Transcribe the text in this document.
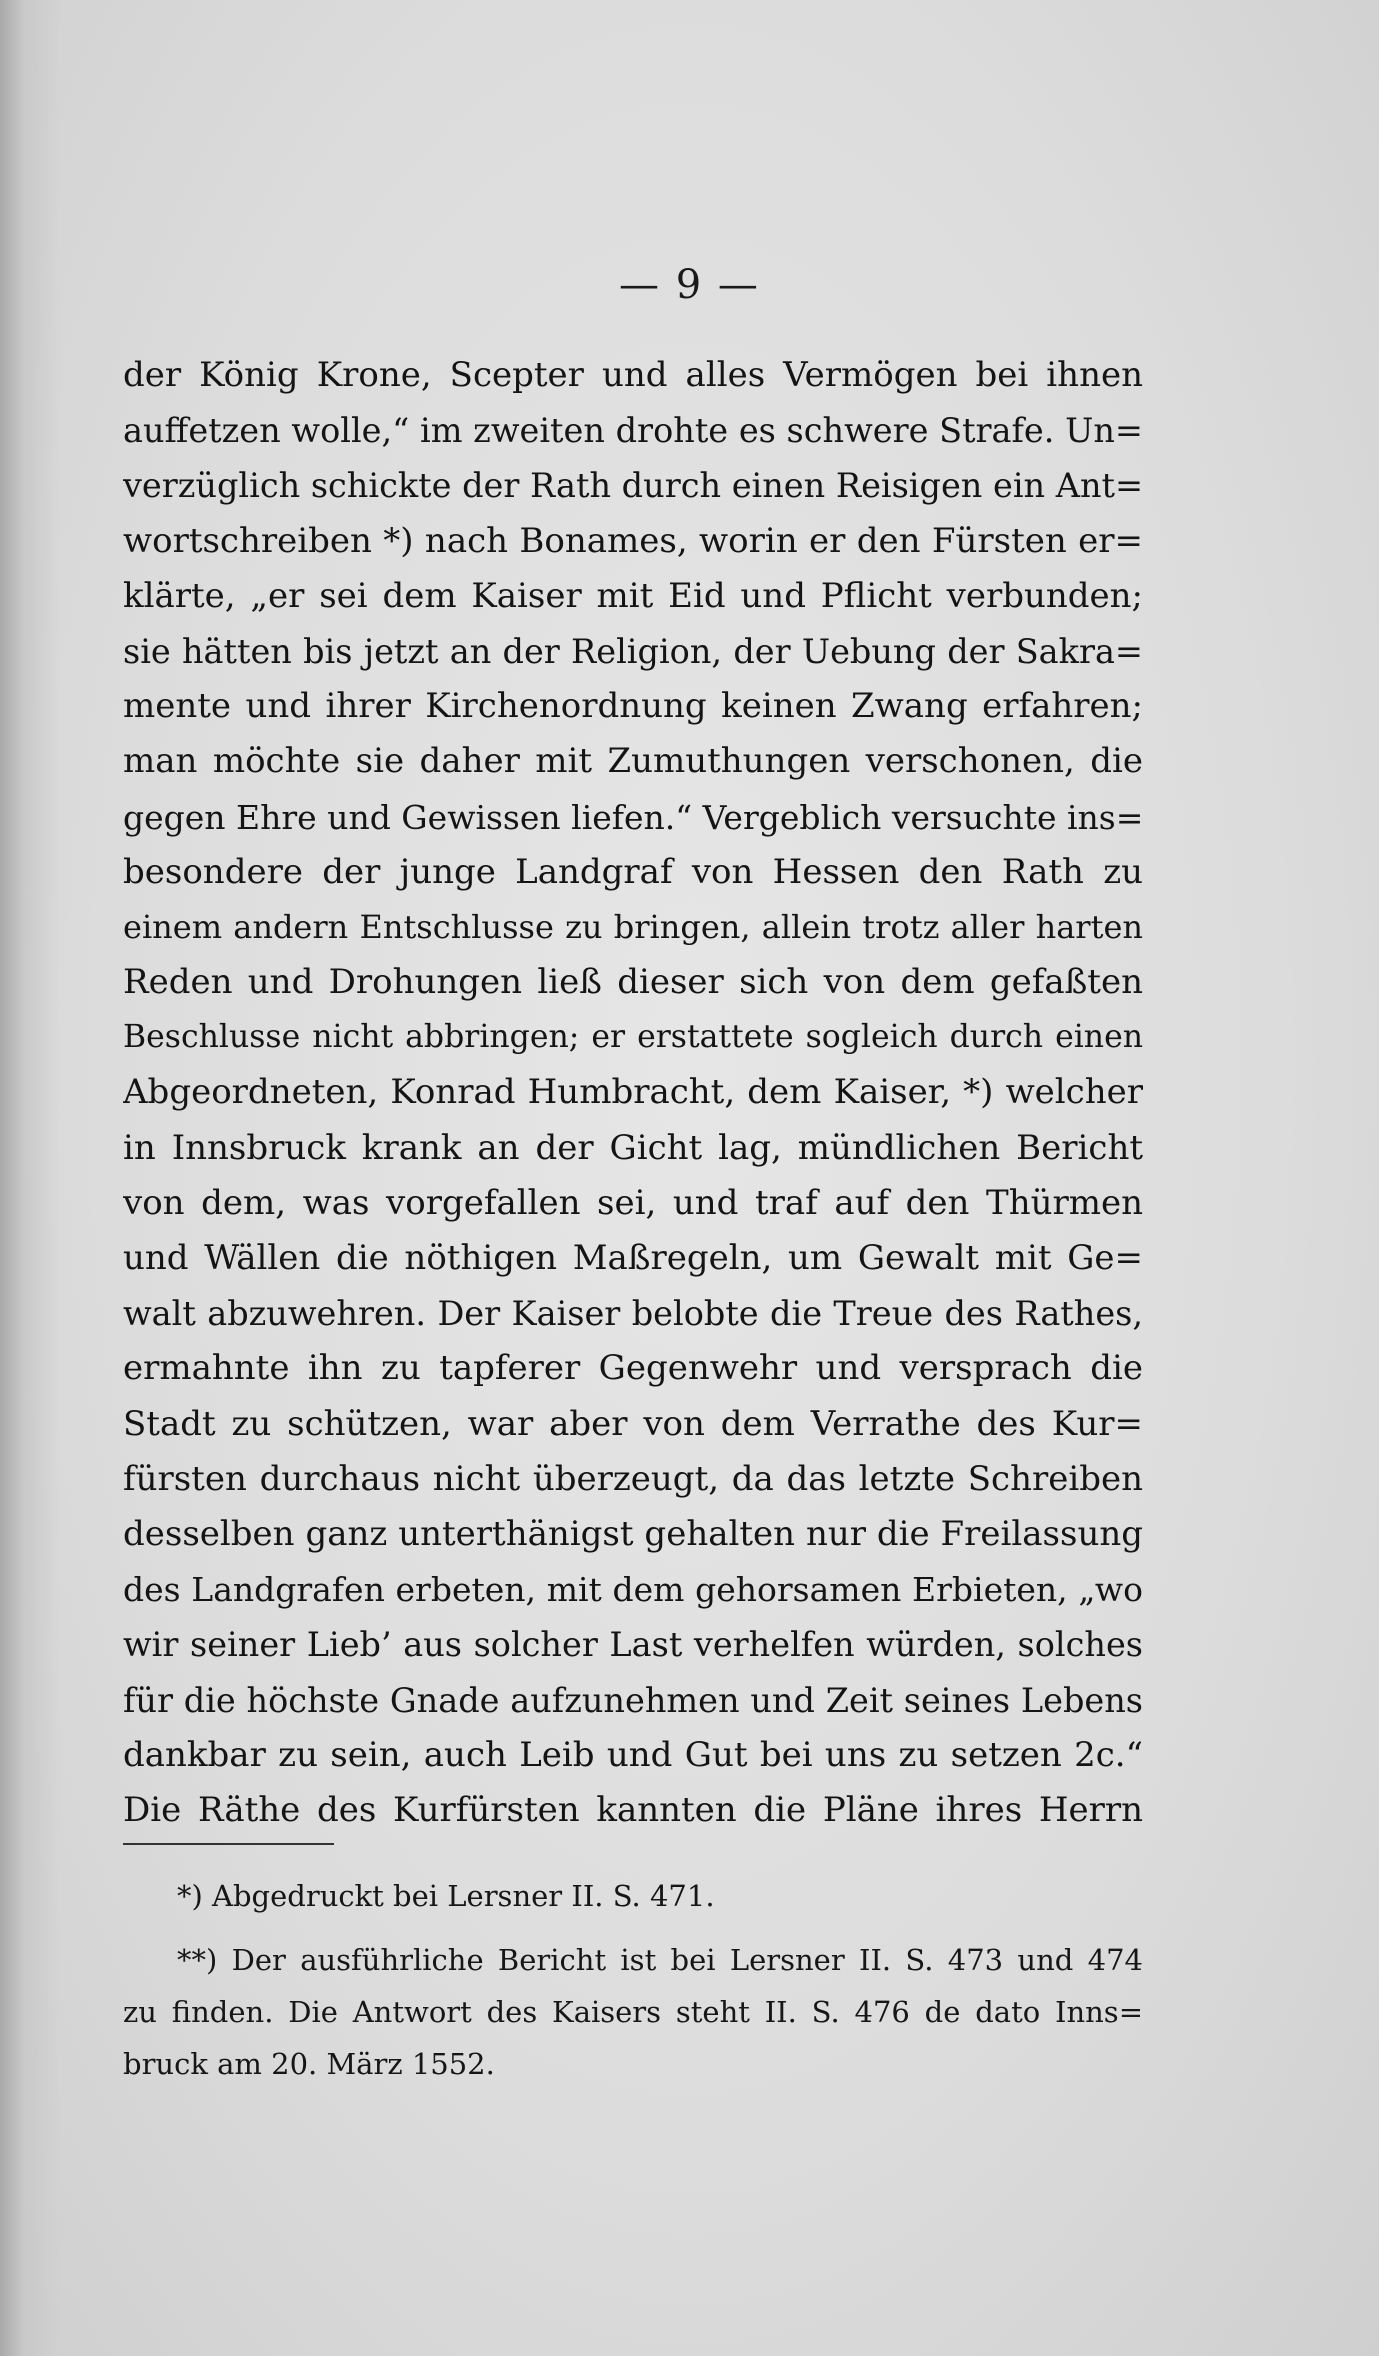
— 9 —
der König Krone, Scepter und alles Vermögen bei ihnen
auffetzen wolle,“ im zweiten drohte es schwere Strafe. Un=
verzüglich schickte der Rath durch einen Reisigen ein Ant=
wortschreiben *) nach Bonames, worin er den Fürsten er=
klärte, „er sei dem Kaiser mit Eid und Pflicht verbunden;
sie hätten bis jetzt an der Religion, der Uebung der Sakra=
mente und ihrer Kirchenordnung keinen Zwang erfahren;
man möchte sie daher mit Zumuthungen verschonen, die
gegen Ehre und Gewissen liefen.“ Vergeblich versuchte ins=
besondere der junge Landgraf von Hessen den Rath zu
einem andern Entschlusse zu bringen, allein trotz aller harten
Reden und Drohungen ließ dieser sich von dem gefaßten
Beschlusse nicht abbringen; er erstattete sogleich durch einen
Abgeordneten, Konrad Humbracht, dem Kaiser, *) welcher
in Innsbruck krank an der Gicht lag, mündlichen Bericht
von dem, was vorgefallen sei, und traf auf den Thürmen
und Wällen die nöthigen Maßregeln, um Gewalt mit Ge=
walt abzuwehren. Der Kaiser belobte die Treue des Rathes,
ermahnte ihn zu tapferer Gegenwehr und versprach die
Stadt zu schützen, war aber von dem Verrathe des Kur=
fürsten durchaus nicht überzeugt, da das letzte Schreiben
desselben ganz unterthänigst gehalten nur die Freilassung
des Landgrafen erbeten, mit dem gehorsamen Erbieten, „wo
wir seiner Lieb’ aus solcher Last verhelfen würden, solches
für die höchste Gnade aufzunehmen und Zeit seines Lebens
dankbar zu sein, auch Leib und Gut bei uns zu setzen 2c.“
Die Räthe des Kurfürsten kannten die Pläne ihres Herrn
*) Abgedruckt bei Lersner II. S. 471.
**) Der ausführliche Bericht ist bei Lersner II. S. 473 und 474
zu finden. Die Antwort des Kaisers steht II. S. 476 de dato Inns=
bruck am 20. März 1552.
